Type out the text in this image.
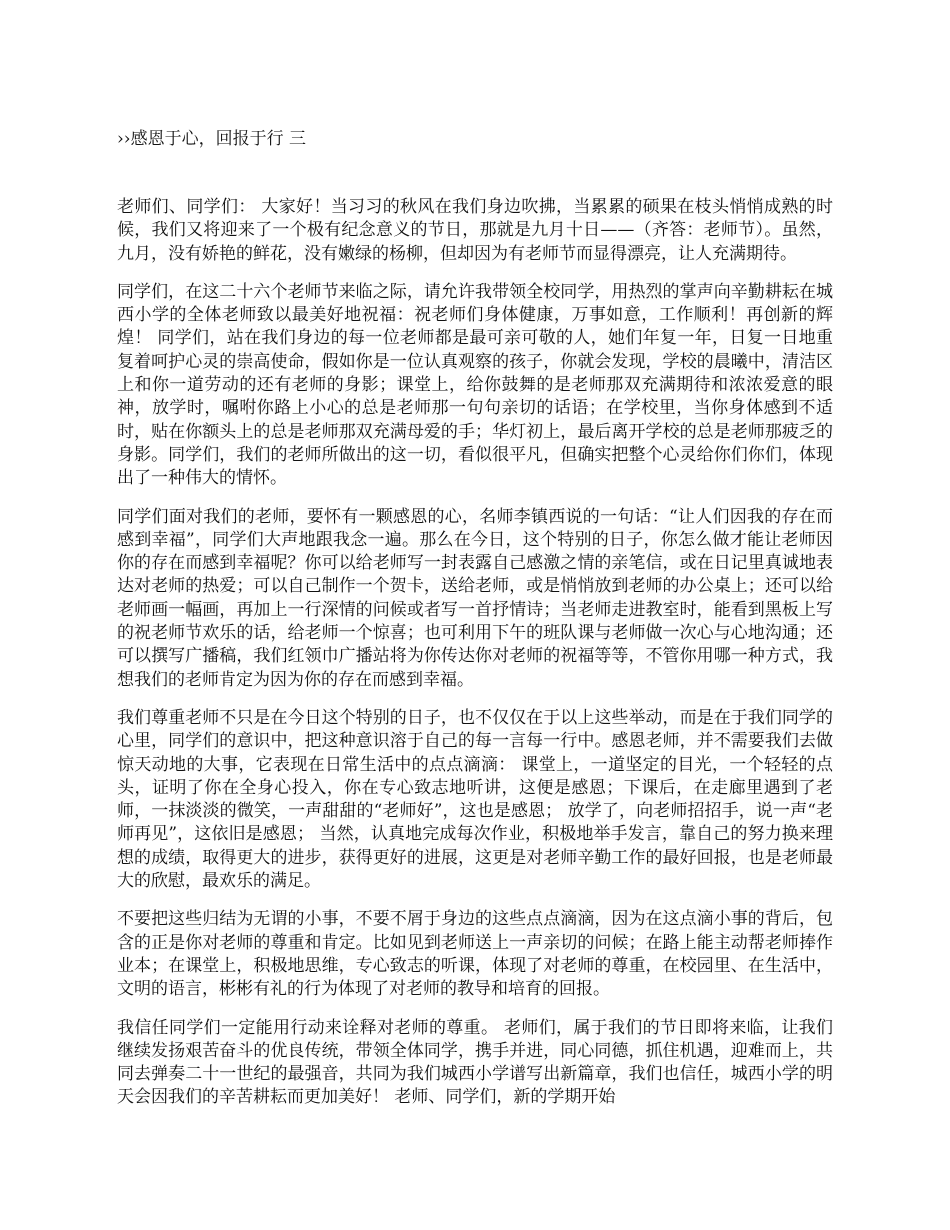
››感恩于心，回报于行 三

老师们、同学们： 大家好！当习习的秋风在我们身边吹拂，当累累的硕果在枝头悄悄成熟的时候，我们又将迎来了一个极有纪念意义的节日，那就是九月十日——（齐答：老师节）。虽然，九月，没有娇艳的鲜花，没有嫩绿的杨柳，但却因为有老师节而显得漂亮，让人充满期待。

同学们，在这二十六个老师节来临之际，请允许我带领全校同学，用热烈的掌声向辛勤耕耘在城西小学的全体老师致以最美好地祝福：祝老师们身体健康，万事如意，工作顺利！再创新的辉煌！ 同学们，站在我们身边的每一位老师都是最可亲可敬的人，她们年复一年，日复一日地重复着呵护心灵的崇高使命，假如你是一位认真观察的孩子，你就会发现，学校的晨曦中，清洁区上和你一道劳动的还有老师的身影；课堂上，给你鼓舞的是老师那双充满期待和浓浓爱意的眼神，放学时，嘱咐你路上小心的总是老师那一句句亲切的话语；在学校里，当你身体感到不适时，贴在你额头上的总是老师那双充满母爱的手；华灯初上，最后离开学校的总是老师那疲乏的身影。同学们，我们的老师所做出的这一切，看似很平凡，但确实把整个心灵给你们你们，体现出了一种伟大的情怀。

同学们面对我们的老师，要怀有一颗感恩的心，名师李镇西说的一句话：“让人们因我的存在而感到幸福”，同学们大声地跟我念一遍。那么在今日，这个特别的日子，你怎么做才能让老师因你的存在而感到幸福呢？你可以给老师写一封表露自己感激之情的亲笔信，或在日记里真诚地表达对老师的热爱；可以自己制作一个贺卡，送给老师，或是悄悄放到老师的办公桌上；还可以给老师画一幅画，再加上一行深情的问候或者写一首抒情诗；当老师走进教室时，能看到黑板上写的祝老师节欢乐的话，给老师一个惊喜；也可利用下午的班队课与老师做一次心与心地沟通；还可以撰写广播稿，我们红领巾广播站将为你传达你对老师的祝福等等，不管你用哪一种方式，我想我们的老师肯定为因为你的存在而感到幸福。

我们尊重老师不只是在今日这个特别的日子，也不仅仅在于以上这些举动，而是在于我们同学的心里，同学们的意识中，把这种意识溶于自己的每一言每一行中。感恩老师，并不需要我们去做惊天动地的大事，它表现在日常生活中的点点滴滴： 课堂上，一道坚定的目光，一个轻轻的点头，证明了你在全身心投入，你在专心致志地听讲，这便是感恩；下课后，在走廊里遇到了老师，一抹淡淡的微笑，一声甜甜的“老师好”，这也是感恩； 放学了，向老师招招手，说一声“老师再见”，这依旧是感恩； 当然，认真地完成每次作业，积极地举手发言，靠自己的努力换来理想的成绩，取得更大的进步，获得更好的进展，这更是对老师辛勤工作的最好回报，也是老师最大的欣慰，最欢乐的满足。

不要把这些归结为无谓的小事，不要不屑于身边的这些点点滴滴，因为在这点滴小事的背后，包含的正是你对老师的尊重和肯定。比如见到老师送上一声亲切的问候；在路上能主动帮老师捧作业本；在课堂上，积极地思维，专心致志的听课，体现了对老师的尊重，在校园里、在生活中，文明的语言，彬彬有礼的行为体现了对老师的教导和培育的回报。

我信任同学们一定能用行动来诠释对老师的尊重。 老师们，属于我们的节日即将来临，让我们继续发扬艰苦奋斗的优良传统，带领全体同学，携手并进，同心同德，抓住机遇，迎难而上，共同去弹奏二十一世纪的最强音，共同为我们城西小学谱写出新篇章，我们也信任，城西小学的明天会因我们的辛苦耕耘而更加美好！ 老师、同学们，新的学期开始
